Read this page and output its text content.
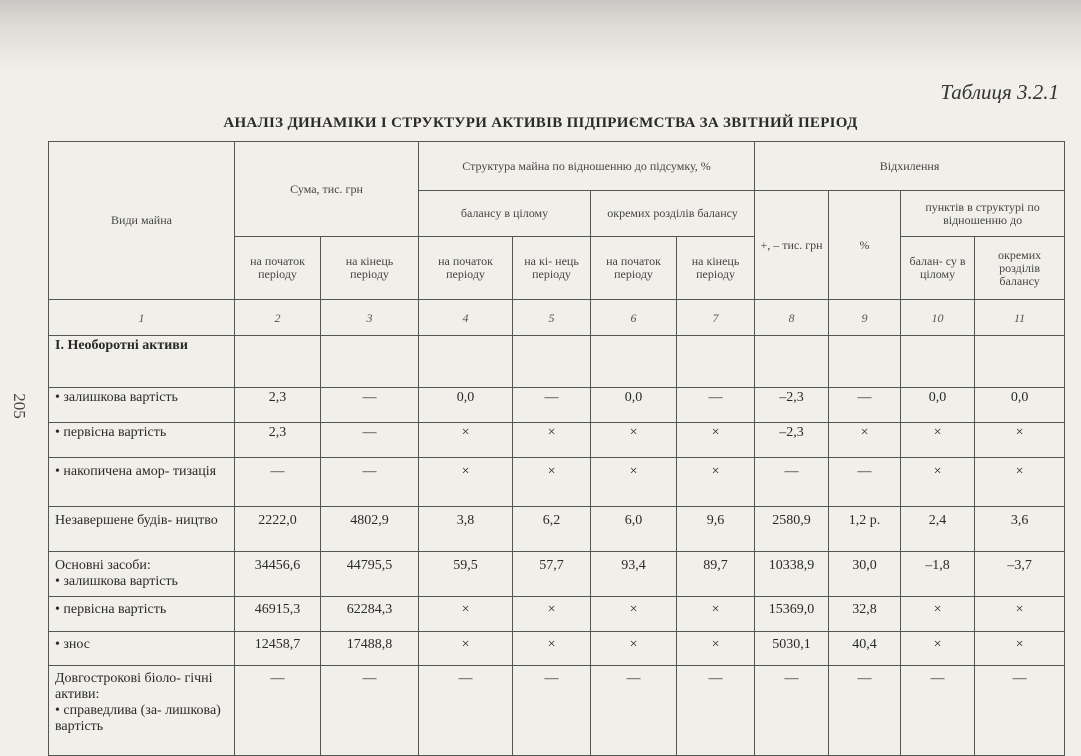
Таблиця 3.2.1
АНАЛІЗ ДИНАМІКИ І СТРУКТУРИ АКТИВІВ ПІДПРИЄМСТВА ЗА ЗВІТНИЙ ПЕРІОД
205
Види майна	Сума, тис. грн		Структура майна по відношенню до підсумку, %				Відхилення			
			балансу в цілому		окремих розділів балансу		+, – тис. грн	%	пунктів в структурі по відношенню до	
	на початок періоду	на кінець періоду	на початок періоду	на кі- нець періоду	на початок періоду	на кінець періоду			балан- су в цілому	окремих розділів балансу
1	2	3	4	5	6	7	8	9	10	11
І. Необоротні активи										
• залишкова вартість	2,3	—	0,0	—	0,0	—	–2,3	—	0,0	0,0
• первісна вартість	2,3	—	×	×	×	×	–2,3	×	×	×
• накопичена амор- тизація	—	—	×	×	×	×	—	—	×	×
Незавершене будів- ництво	2222,0	4802,9	3,8	6,2	6,0	9,6	2580,9	1,2 р.	2,4	3,6

Основні засоби:
• залишкова вартість	34456,6	44795,5	59,5	57,7	93,4	89,7	10338,9	30,0	–1,8	–3,7
• первісна вартість	46915,3	62284,3	×	×	×	×	15369,0	32,8	×	×
• знос	12458,7	17488,8	×	×	×	×	5030,1	40,4	×	×

Довгострокові біоло- гічні активи:
• справедлива (за- лишкова) вартість	—	—	—	—	—	—	—	—	—	—
